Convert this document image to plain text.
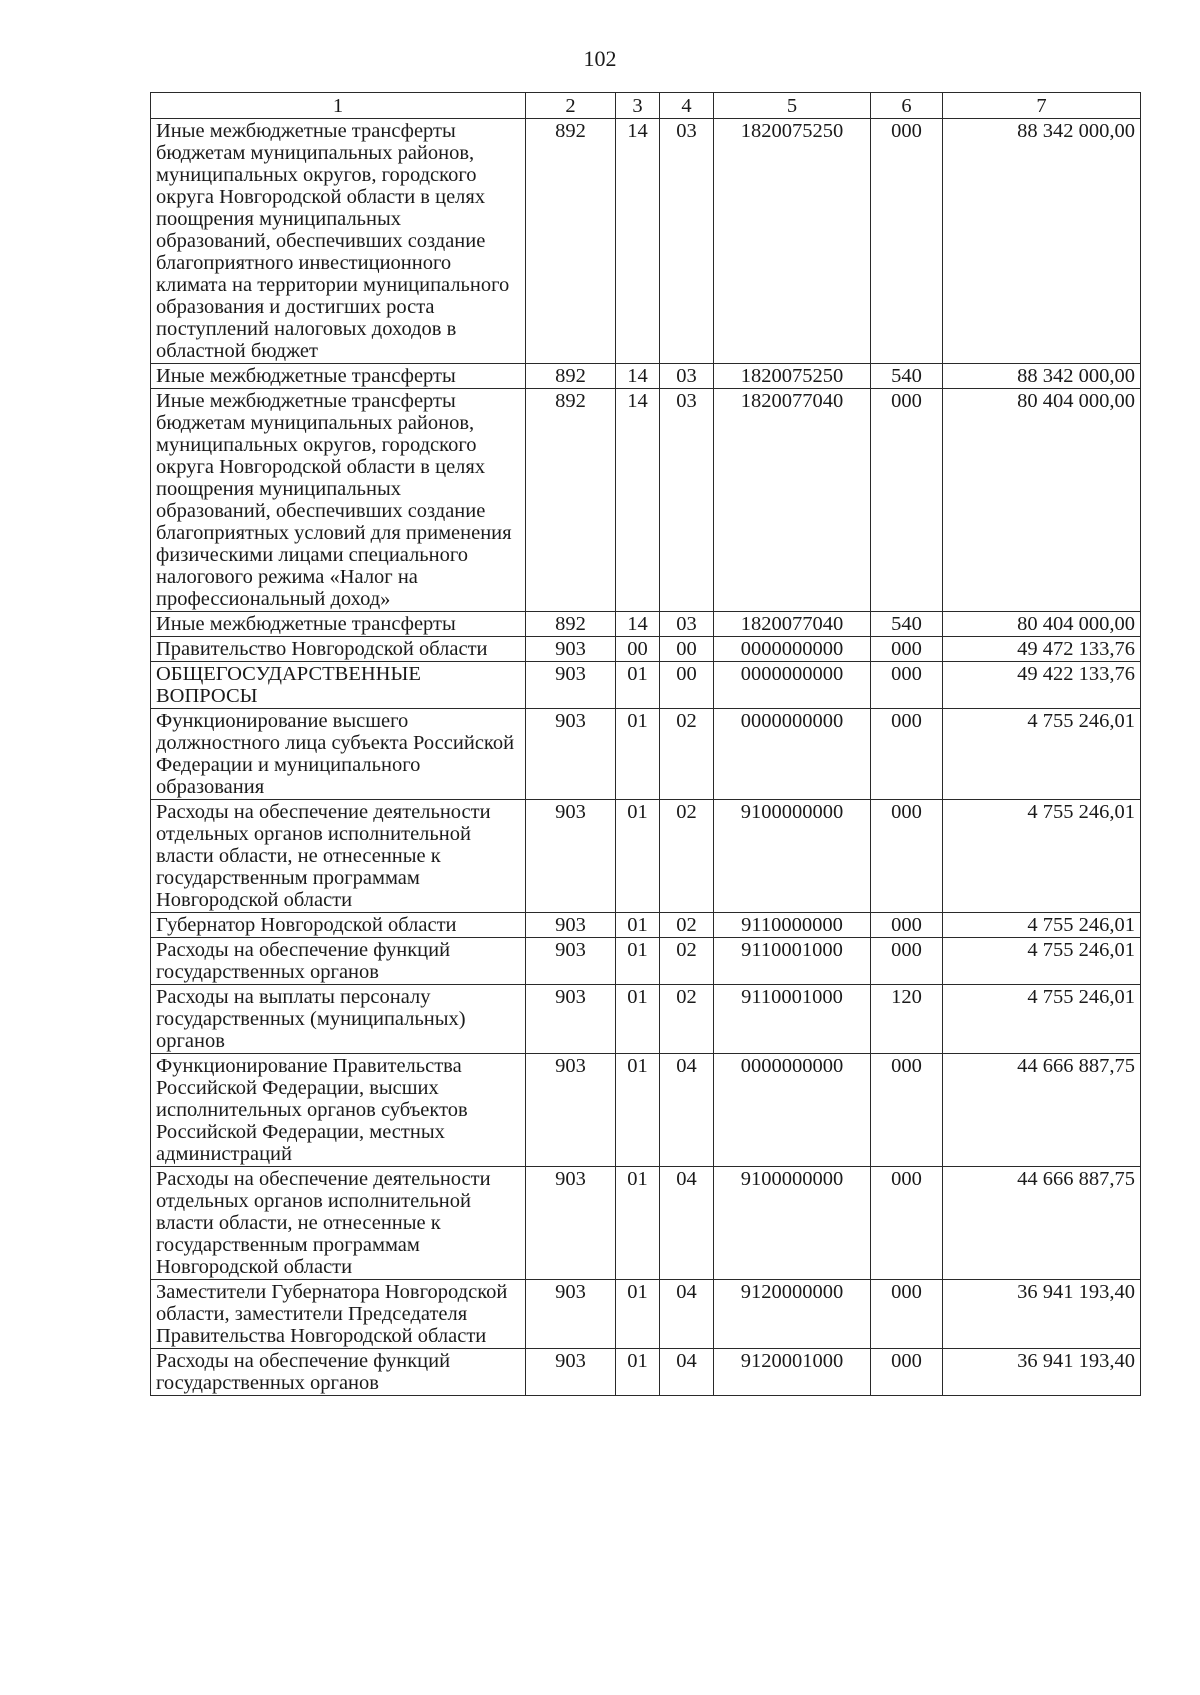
102
1	2	3	4	5	6	7
Иные межбюджетные трансферты бюджетам муниципальных районов, муниципальных округов, городского округа Новгородской области в целях поощрения муниципальных образований, обеспечивших создание благоприятного инвестиционного климата на территории муниципального образования и достигших роста поступлений налоговых доходов в областной бюджет	892	14	03	1820075250	000	88 342 000,00
Иные межбюджетные трансферты	892	14	03	1820075250	540	88 342 000,00
Иные межбюджетные трансферты бюджетам муниципальных районов, муниципальных округов, городского округа Новгородской области в целях поощрения муниципальных образований, обеспечивших создание благоприятных условий для применения физическими лицами специального налогового режима «Налог на профессиональный доход»	892	14	03	1820077040	000	80 404 000,00
Иные межбюджетные трансферты	892	14	03	1820077040	540	80 404 000,00
Правительство Новгородской области	903	00	00	0000000000	000	49 472 133,76
ОБЩЕГОСУДАРСТВЕННЫЕ ВОПРОСЫ	903	01	00	0000000000	000	49 422 133,76
Функционирование высшего должностного лица субъекта Российской Федерации и муниципального образования	903	01	02	0000000000	000	4 755 246,01
Расходы на обеспечение деятельности отдельных органов исполнительной власти области, не отнесенные к государственным программам Новгородской области	903	01	02	9100000000	000	4 755 246,01
Губернатор Новгородской области	903	01	02	9110000000	000	4 755 246,01
Расходы на обеспечение функций государственных органов	903	01	02	9110001000	000	4 755 246,01
Расходы на выплаты персоналу государственных (муниципальных) органов	903	01	02	9110001000	120	4 755 246,01
Функционирование Правительства Российской Федерации, высших исполнительных органов субъектов Российской Федерации, местных администраций	903	01	04	0000000000	000	44 666 887,75
Расходы на обеспечение деятельности отдельных органов исполнительной власти области, не отнесенные к государственным программам Новгородской области	903	01	04	9100000000	000	44 666 887,75
Заместители Губернатора Новгородской области, заместители Председателя Правительства Новгородской области	903	01	04	9120000000	000	36 941 193,40
Расходы на обеспечение функций государственных органов	903	01	04	9120001000	000	36 941 193,40
